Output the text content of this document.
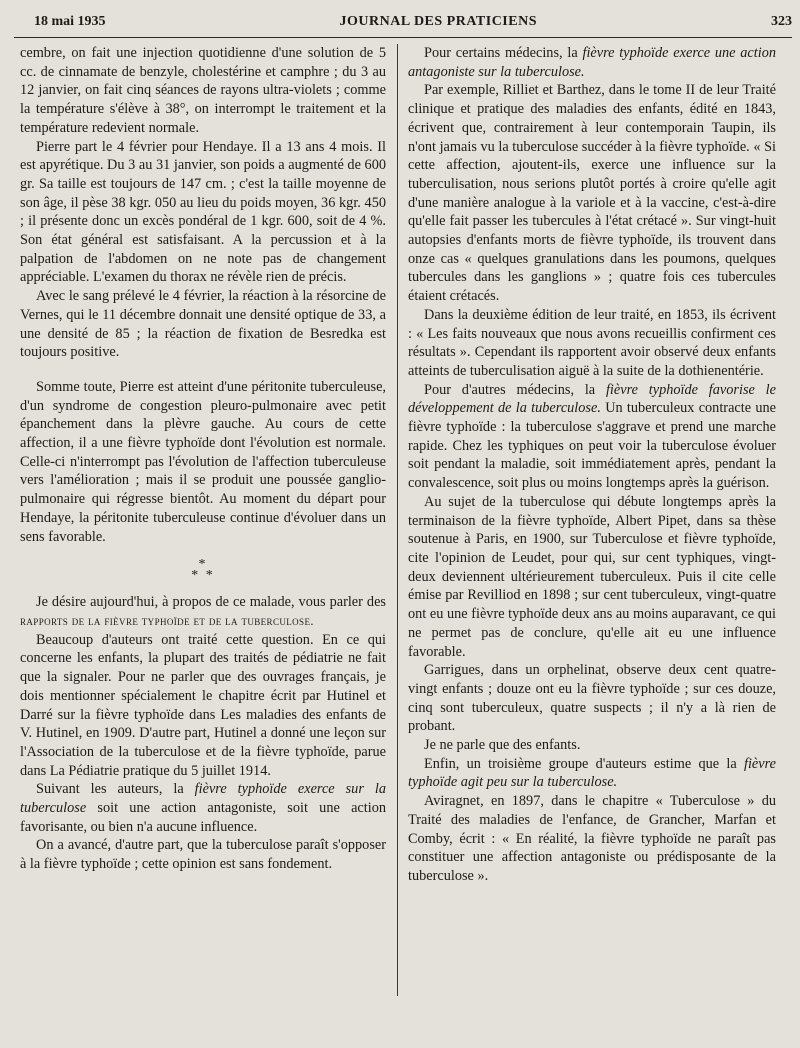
18 mai 1935	JOURNAL DES PRATICIENS	323

cembre, on fait une injection quotidienne d'une solution de 5 cc. de cinnamate de benzyle, cholestérine et camphre ; du 3 au 12 janvier, on fait cinq séances de rayons ultra-violets ; comme la température s'élève à 38°, on interrompt le traitement et la température redevient normale.

Pierre part le 4 février pour Hendaye. Il a 13 ans 4 mois. Il est apyrétique. Du 3 au 31 janvier, son poids a augmenté de 600 gr. Sa taille est toujours de 147 cm. ; c'est la taille moyenne de son âge, il pèse 38 kgr. 050 au lieu du poids moyen, 36 kgr. 450 ; il présente donc un excès pondéral de 1 kgr. 600, soit de 4 %. Son état général est satisfaisant. A la percussion et à la palpation de l'abdomen on ne note pas de changement appréciable. L'examen du thorax ne révèle rien de précis.

Avec le sang prélevé le 4 février, la réaction à la résorcine de Vernes, qui le 11 décembre donnait une densité optique de 33, a une densité de 85 ; la réaction de fixation de Besredka est toujours positive.

Somme toute, Pierre est atteint d'une péritonite tuberculeuse, d'un syndrome de congestion pleuro-pulmonaire avec petit épanchement dans la plèvre gauche. Au cours de cette affection, il a une fièvre typhoïde dont l'évolution est normale. Celle-ci n'interrompt pas l'évolution de l'affection tuberculeuse vers l'amélioration ; mais il se produit une poussée ganglio-pulmonaire qui régresse bientôt. Au moment du départ pour Hendaye, la péritonite tuberculeuse continue d'évoluer dans un sens favorable.

*
* *

Je désire aujourd'hui, à propos de ce malade, vous parler des rapports de la fièvre typhoïde et de la tuberculose.

Beaucoup d'auteurs ont traité cette question. En ce qui concerne les enfants, la plupart des traités de pédiatrie ne fait que la signaler. Pour ne parler que des ouvrages français, je dois mentionner spécialement le chapitre écrit par Hutinel et Darré sur la fièvre typhoïde dans Les maladies des enfants de V. Hutinel, en 1909. D'autre part, Hutinel a donné une leçon sur l'Association de la tuberculose et de la fièvre typhoïde, parue dans La Pédiatrie pratique du 5 juillet 1914.

Suivant les auteurs, la fièvre typhoïde exerce sur la tuberculose soit une action antagoniste, soit une action favorisante, ou bien n'a aucune influence.

On a avancé, d'autre part, que la tuberculose paraît s'opposer à la fièvre typhoïde ; cette opinion est sans fondement.

Pour certains médecins, la fièvre typhoïde exerce une action antagoniste sur la tuberculose.

Par exemple, Rilliet et Barthez, dans le tome II de leur Traité clinique et pratique des maladies des enfants, édité en 1843, écrivent que, contrairement à leur contemporain Taupin, ils n'ont jamais vu la tuberculose succéder à la fièvre typhoïde. « Si cette affection, ajoutent-ils, exerce une influence sur la tuberculisation, nous serions plutôt portés à croire qu'elle agit d'une manière analogue à la variole et à la vaccine, c'est-à-dire qu'elle fait passer les tubercules à l'état crétacé ». Sur vingt-huit autopsies d'enfants morts de fièvre typhoïde, ils trouvent dans onze cas « quelques granulations dans les poumons, quelques tubercules dans les ganglions » ; quatre fois ces tubercules étaient crétacés.

Dans la deuxième édition de leur traité, en 1853, ils écrivent : « Les faits nouveaux que nous avons recueillis confirment ces résultats ». Cependant ils rapportent avoir observé deux enfants atteints de tuberculisation aiguë à la suite de la dothienentérie.

Pour d'autres médecins, la fièvre typhoïde favorise le développement de la tuberculose. Un tuberculeux contracte une fièvre typhoïde : la tuberculose s'aggrave et prend une marche rapide. Chez les typhiques on peut voir la tuberculose évoluer soit pendant la maladie, soit immédiatement après, pendant la convalescence, soit plus ou moins longtemps après la guérison.

Au sujet de la tuberculose qui débute longtemps après la terminaison de la fièvre typhoïde, Albert Pipet, dans sa thèse soutenue à Paris, en 1900, sur Tuberculose et fièvre typhoïde, cite l'opinion de Leudet, pour qui, sur cent typhiques, vingt-deux deviennent ultérieurement tuberculeux. Puis il cite celle émise par Revilliod en 1898 ; sur cent tuberculeux, vingt-quatre ont eu une fièvre typhoïde deux ans au moins auparavant, ce qui ne permet pas de conclure, qu'elle ait eu une influence favorable.

Garrigues, dans un orphelinat, observe deux cent quatre-vingt enfants ; douze ont eu la fièvre typhoïde ; sur ces douze, cinq sont tuberculeux, quatre suspects ; il n'y a là rien de probant.

Je ne parle que des enfants.

Enfin, un troisième groupe d'auteurs estime que la fièvre typhoïde agit peu sur la tuberculose.

Aviragnet, en 1897, dans le chapitre « Tuberculose » du Traité des maladies de l'enfance, de Grancher, Marfan et Comby, écrit : « En réalité, la fièvre typhoïde ne paraît pas constituer une affection antagoniste ou prédisposante de la tuberculose ».
